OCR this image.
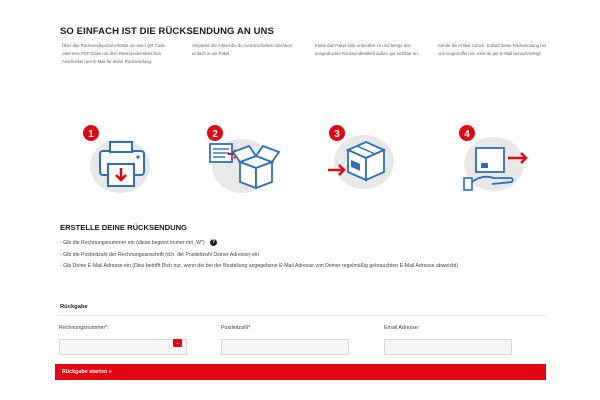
SO EINFACH IST DIE RÜCKSENDUNG AN UNS

Über das Rücksendeportal erhältst du einen QR Code oder eine PDF-Datei mit dem Rücksendeetikett zum Ausdrucken per E-Mail für deine Rücksendung.

Verpacke die Artikel die du zurückschicken möchtest einfach in ein Paket.

Klebe das Paket bitte ordentlich zu und bringe das ausgedruckte Rücksendeetikett außen gut sichtbar an.

Sende die Artikel zurück. Sobald deine Rücksendung bei uns eingetroffen ist, wirst du per E-Mail benachrichtigt.

1	2	3	4
ERSTELLE DEINE RÜCKSENDUNG
- Gib die Rechnungsnummer ein (diese beginnt immer mit „W") ?
- Gib die Postleitzahl der Rechnungsanschrift (d.h. die Postleitzahl Deiner Adresse) ein
- Gib Deine E-Mail Adresse ein (Dies betrifft Dich nur, wenn die bei der Bestellung angegebene E-Mail Adresse von Deiner regelmäßig gebrauchten E-Mail Adresse abweicht)
Rückgabe
Rechnungsnummer*:
…
Postleitzahl*:	Email Adresse:
Rückgabe starten »
